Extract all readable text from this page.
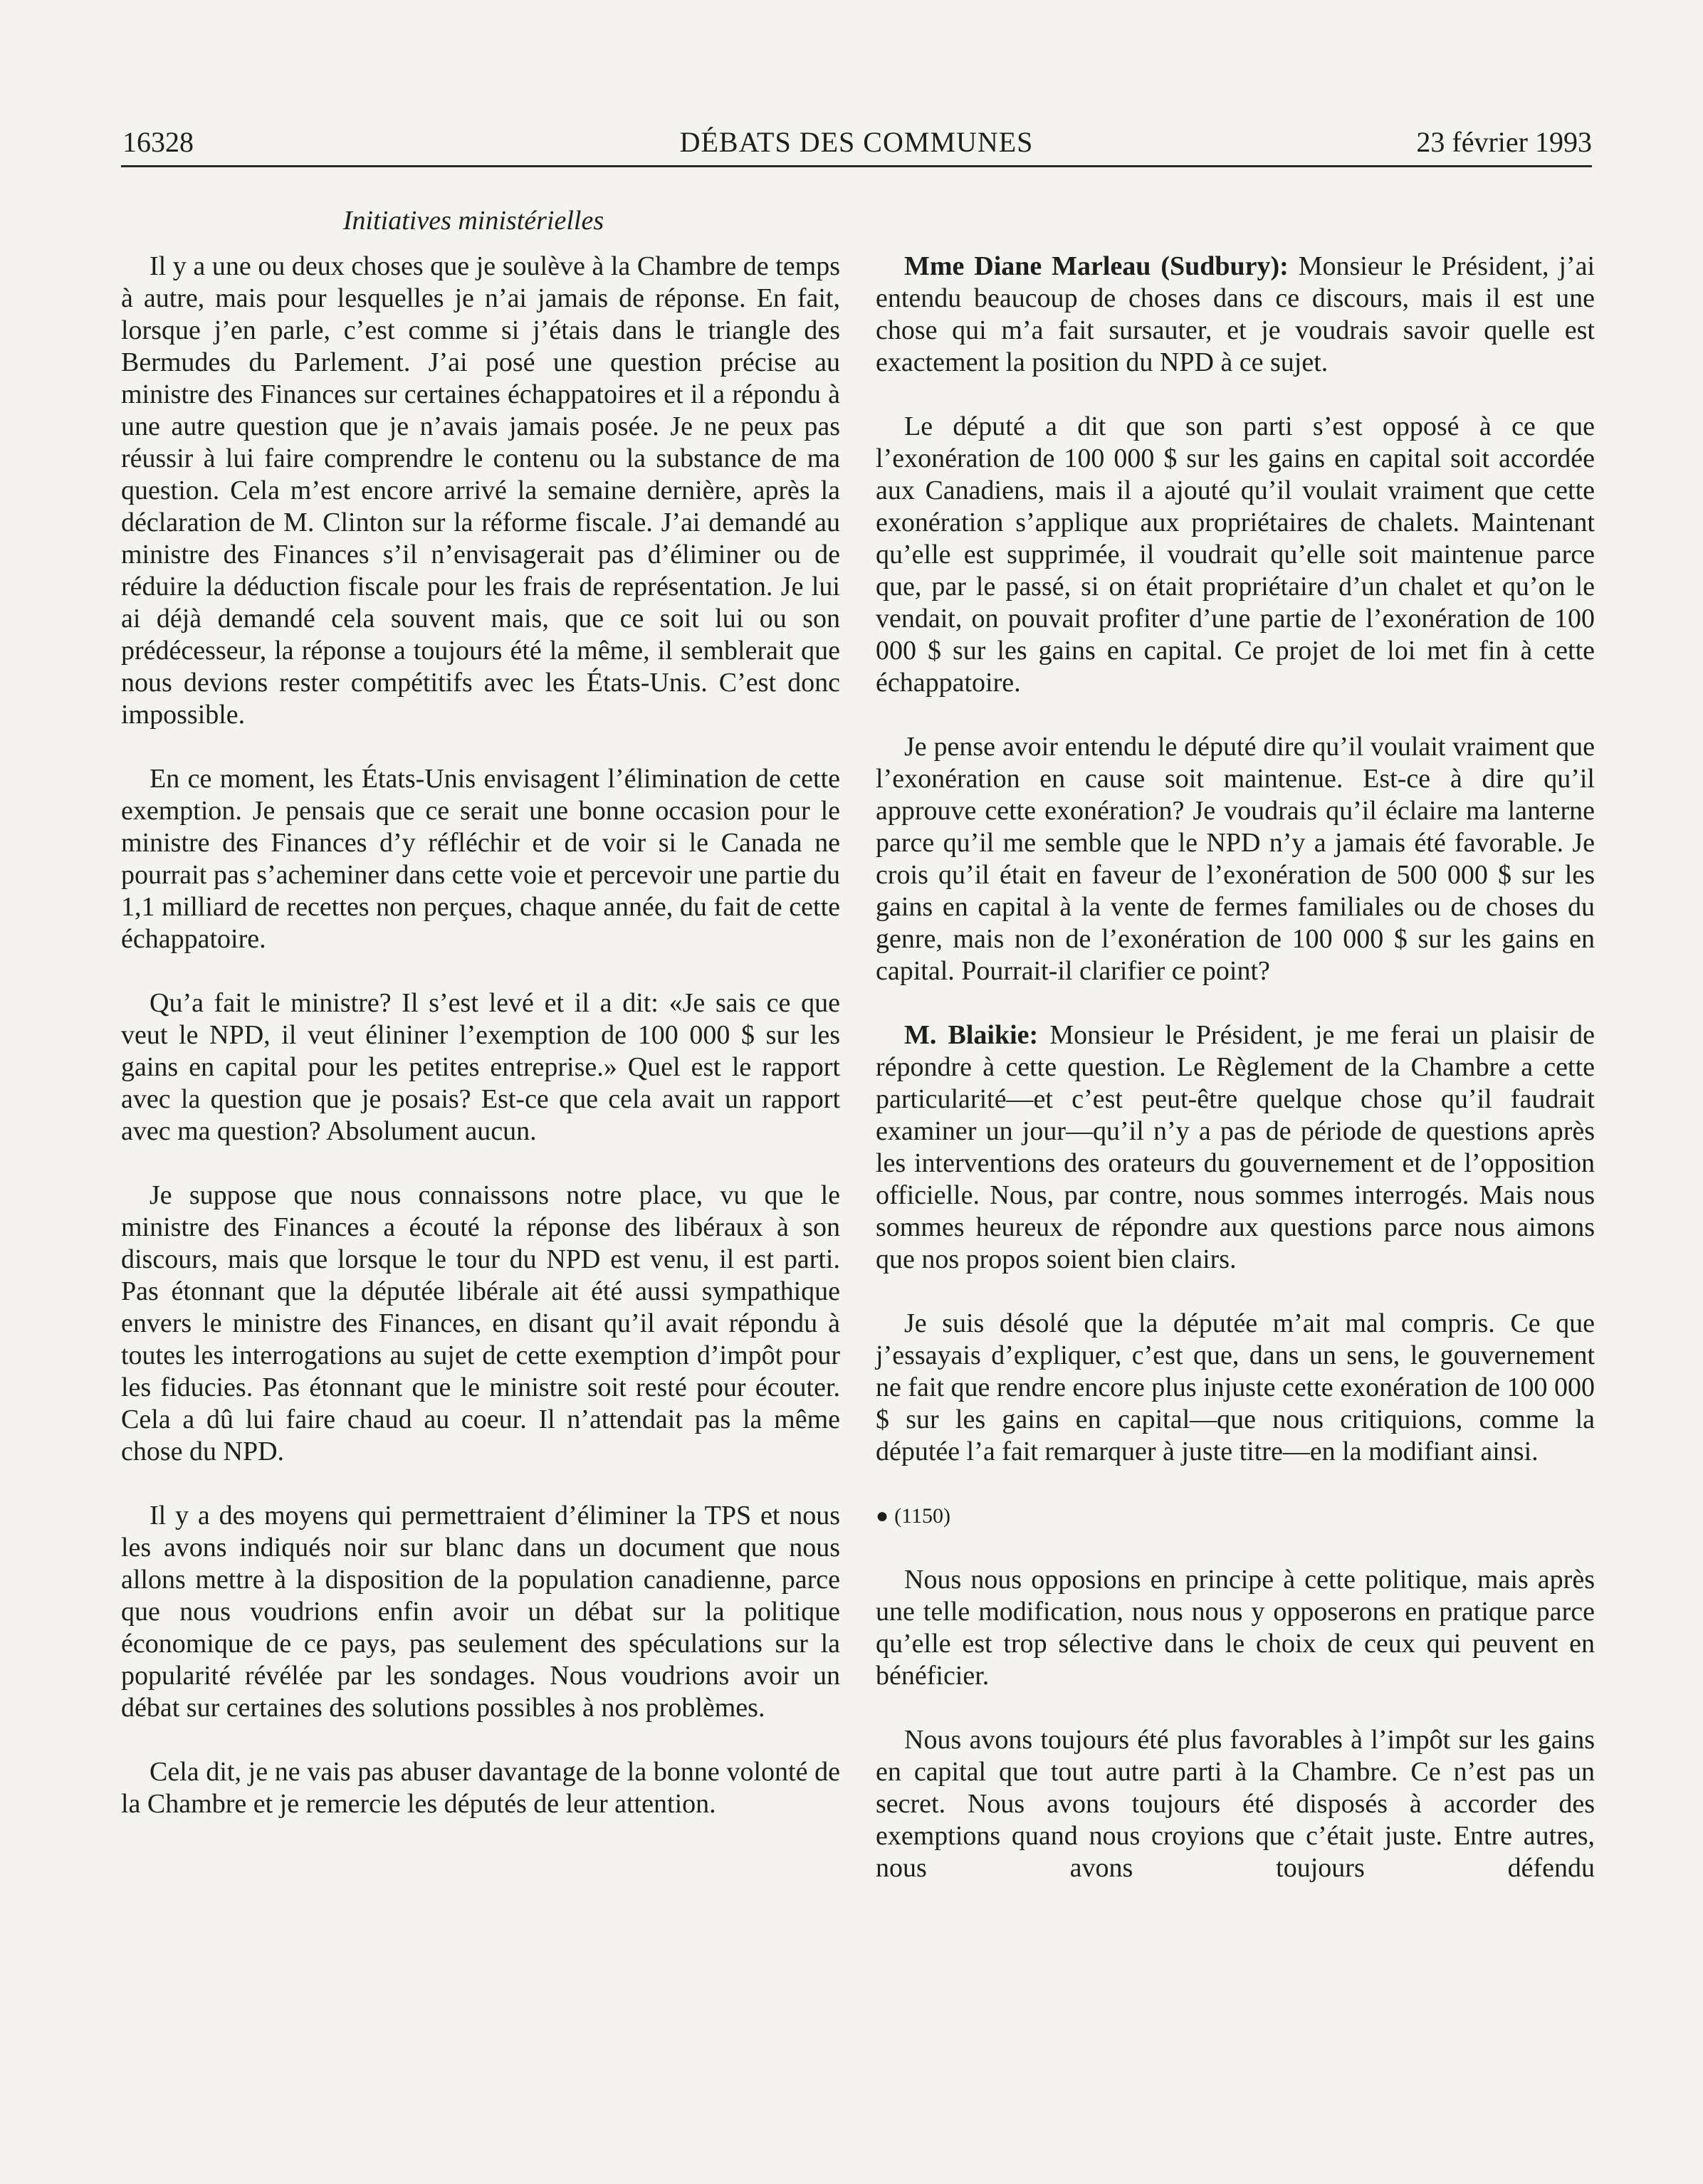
16328	DÉBATS DES COMMUNES	23 février 1993
Initiatives ministérielles

Il y a une ou deux choses que je soulève à la Chambre de temps à autre, mais pour lesquelles je n’ai jamais de réponse. En fait, lorsque j’en parle, c’est comme si j’étais dans le triangle des Bermudes du Parlement. J’ai posé une question précise au ministre des Finances sur certaines échappatoires et il a répondu à une autre question que je n’avais jamais posée. Je ne peux pas réussir à lui faire comprendre le contenu ou la substance de ma question. Cela m’est encore arrivé la semaine dernière, après la déclaration de M. Clinton sur la réforme fiscale. J’ai demandé au ministre des Finances s’il n’envisagerait pas d’éliminer ou de réduire la déduction fiscale pour les frais de représentation. Je lui ai déjà demandé cela souvent mais, que ce soit lui ou son prédécesseur, la réponse a toujours été la même, il semblerait que nous devions rester compétitifs avec les États-Unis. C’est donc impossible.

En ce moment, les États-Unis envisagent l’élimination de cette exemption. Je pensais que ce serait une bonne occasion pour le ministre des Finances d’y réfléchir et de voir si le Canada ne pourrait pas s’acheminer dans cette voie et percevoir une partie du 1,1 milliard de recettes non perçues, chaque année, du fait de cette échappatoire.

Qu’a fait le ministre? Il s’est levé et il a dit: «Je sais ce que veut le NPD, il veut élininer l’exemption de 100 000 $ sur les gains en capital pour les petites entreprise.» Quel est le rapport avec la question que je posais? Est-ce que cela avait un rapport avec ma question? Absolument aucun.

Je suppose que nous connaissons notre place, vu que le ministre des Finances a écouté la réponse des libéraux à son discours, mais que lorsque le tour du NPD est venu, il est parti. Pas étonnant que la députée libérale ait été aussi sympathique envers le ministre des Finances, en disant qu’il avait répondu à toutes les interrogations au sujet de cette exemption d’impôt pour les fiducies. Pas étonnant que le ministre soit resté pour écouter. Cela a dû lui faire chaud au coeur. Il n’attendait pas la même chose du NPD.

Il y a des moyens qui permettraient d’éliminer la TPS et nous les avons indiqués noir sur blanc dans un document que nous allons mettre à la disposition de la population canadienne, parce que nous voudrions enfin avoir un débat sur la politique économique de ce pays, pas seulement des spéculations sur la popularité révélée par les sondages. Nous voudrions avoir un débat sur certaines des solutions possibles à nos problèmes.

Cela dit, je ne vais pas abuser davantage de la bonne volonté de la Chambre et je remercie les députés de leur attention.

Mme Diane Marleau (Sudbury): Monsieur le Président, j’ai entendu beaucoup de choses dans ce discours, mais il est une chose qui m’a fait sursauter, et je voudrais savoir quelle est exactement la position du NPD à ce sujet.

Le député a dit que son parti s’est opposé à ce que l’exonération de 100 000 $ sur les gains en capital soit accordée aux Canadiens, mais il a ajouté qu’il voulait vraiment que cette exonération s’applique aux propriétaires de chalets. Maintenant qu’elle est supprimée, il voudrait qu’elle soit maintenue parce que, par le passé, si on était propriétaire d’un chalet et qu’on le vendait, on pouvait profiter d’une partie de l’exonération de 100 000 $ sur les gains en capital. Ce projet de loi met fin à cette échappatoire.

Je pense avoir entendu le député dire qu’il voulait vraiment que l’exonération en cause soit maintenue. Est-ce à dire qu’il approuve cette exonération? Je voudrais qu’il éclaire ma lanterne parce qu’il me semble que le NPD n’y a jamais été favorable. Je crois qu’il était en faveur de l’exonération de 500 000 $ sur les gains en capital à la vente de fermes familiales ou de choses du genre, mais non de l’exonération de 100 000 $ sur les gains en capital. Pourrait-il clarifier ce point?

M. Blaikie: Monsieur le Président, je me ferai un plaisir de répondre à cette question. Le Règlement de la Chambre a cette particularité—et c’est peut-être quelque chose qu’il faudrait examiner un jour—qu’il n’y a pas de période de questions après les interventions des orateurs du gouvernement et de l’opposition officielle. Nous, par contre, nous sommes interrogés. Mais nous sommes heureux de répondre aux questions parce nous aimons que nos propos soient bien clairs.

Je suis désolé que la députée m’ait mal compris. Ce que j’essayais d’expliquer, c’est que, dans un sens, le gouvernement ne fait que rendre encore plus injuste cette exonération de 100 000 $ sur les gains en capital—que nous critiquions, comme la députée l’a fait remarquer à juste titre—en la modifiant ainsi.

● (1150)

Nous nous opposions en principe à cette politique, mais après une telle modification, nous nous y opposerons en pratique parce qu’elle est trop sélective dans le choix de ceux qui peuvent en bénéficier.

Nous avons toujours été plus favorables à l’impôt sur les gains en capital que tout autre parti à la Chambre. Ce n’est pas un secret. Nous avons toujours été disposés à accorder des exemptions quand nous croyions que c’était juste. Entre autres, nous avons toujours défendu
